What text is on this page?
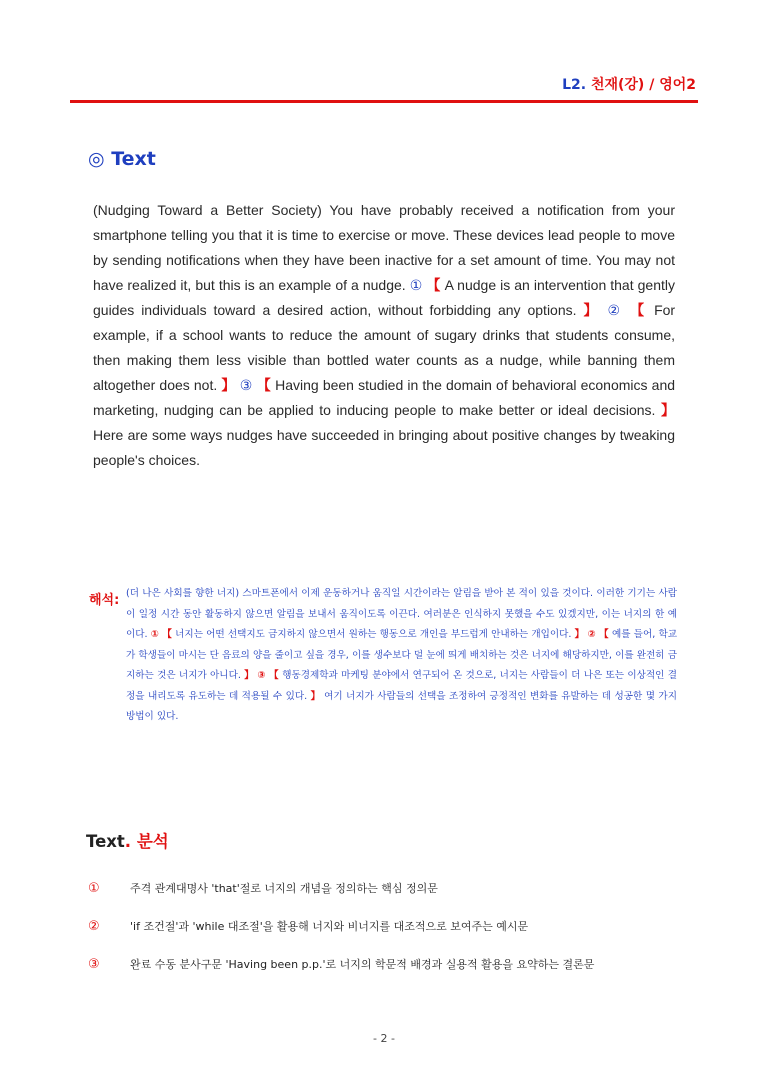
L2. 천재(강) / 영어2
◎ Text
(Nudging Toward a Better Society) You have probably received a notification from your smartphone telling you that it is time to exercise or move. These devices lead people to move by sending notifications when they have been inactive for a set amount of time. You may not have realized it, but this is an example of a nudge. ① 【 A nudge is an intervention that gently guides individuals toward a desired action, without forbidding any options. 】 ② 【 For example, if a school wants to reduce the amount of sugary drinks that students consume, then making them less visible than bottled water counts as a nudge, while banning them altogether does not. 】 ③ 【 Having been studied in the domain of behavioral economics and marketing, nudging can be applied to inducing people to make better or ideal decisions. 】 Here are some ways nudges have succeeded in bringing about positive changes by tweaking people's choices.
해석: (더 나은 사회를 향한 너지) 스마트폰에서 이제 운동하거나 움직일 시간이라는 알림을 받아 본 적이 있을 것이다. 이러한 기기는 사람이 일정 시간 동안 활동하지 않으면 알림을 보내서 움직이도록 이끈다. 여러분은 인식하지 못했을 수도 있겠지만, 이는 너지의 한 예이다. ① 【 너지는 어떤 선택지도 금지하지 않으면서 원하는 행동으로 개인을 부드럽게 안내하는 개입이다. 】 ② 【 예를 들어, 학교가 학생들이 마시는 단 음료의 양을 줄이고 싶을 경우, 이를 생수보다 덜 눈에 띄게 배치하는 것은 너지에 해당하지만, 이를 완전히 금지하는 것은 너지가 아니다. 】 ③ 【 행동경제학과 마케팅 분야에서 연구되어 온 것으로, 너지는 사람들이 더 나은 또는 이상적인 결정을 내리도록 유도하는 데 적용될 수 있다. 】 여기 너지가 사람들의 선택을 조정하여 긍정적인 변화를 유발하는 데 성공한 몇 가지 방법이 있다.
Text. 분석
①	주격 관계대명사 'that'절로 너지의 개념을 정의하는 핵심 정의문
②	'if 조건절'과 'while 대조절'을 활용해 너지와 비너지를 대조적으로 보여주는 예시문
③	완료 수동 분사구문 'Having been p.p.'로 너지의 학문적 배경과 실용적 활용을 요약하는 결론문
- 2 -
